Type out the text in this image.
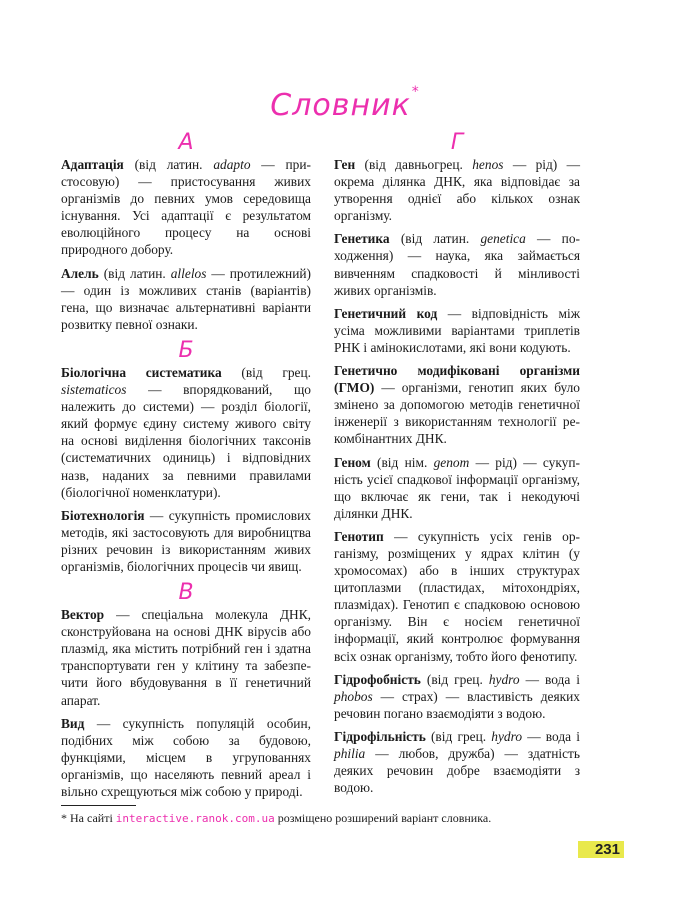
Словник*
А
Адаптація (від латин. adapto — пристосовую) — пристосування живих організмів до певних умов середовища існування. Усі адаптації є результатом еволюційного процесу на основі природного добору.
Алель (від латин. allelos — протилежний) — один із можливих станів (варіантів) гена, що визначає альтернативні варіанти розвитку певної ознаки.
Б
Біологічна систематика (від грец. sistematicos — впорядкований, що належить до системи) — розділ біології, який формує єдину систему живого світу на основі виділення біологічних таксонів (систематичних одиниць) і відповідних назв, наданих за певними правилами (біологічної номенклатури).
Біотехнологія — сукупність промислових методів, які застосовують для виробництва різних речовин із використанням живих організмів, біологічних процесів чи явищ.
В
Вектор — спеціальна молекула ДНК, сконструйована на основі ДНК вірусів або плазмід, яка містить потрібний ген і здатна транспортувати ген у клітину та забезпечити його вбудовування в її генетичний апарат.
Вид — сукупність популяцій особин, подібних між собою за будовою, функціями, місцем в угрупованнях організмів, що населяють певний ареал і вільно схрещуються між собою у природі.
Г
Ген (від давньогрец. henos — рід) — окрема ділянка ДНК, яка відповідає за утворення однієї або кількох ознак організму.
Генетика (від латин. genetica — походження) — наука, яка займається вивченням спадковості й мінливості живих організмів.
Генетичний код — відповідність між усіма можливими варіантами триплетів РНК і амінокислотами, які вони кодують.
Генетично модифіковані організми (ГМО) — організми, генотип яких було змінено за допомогою методів генетичної інженерії з використанням технології рекомбінантних ДНК.
Геном (від нім. genom — рід) — сукупність усієї спадкової інформації організму, що включає як гени, так і некодуючі ділянки ДНК.
Генотип — сукупність усіх генів організму, розміщених у ядрах клітин (у хромосомах) або в інших структурах цитоплазми (пластидах, мітохондріях, плазмідах). Генотип є спадковою основою організму. Він є носієм генетичної інформації, який контролює формування всіх ознак організму, тобто його фенотипу.
Гідрофобність (від грец. hydro — вода і phobos — страх) — властивість деяких речовин погано взаємодіяти з водою.
Гідрофільність (від грец. hydro — вода і philia — любов, дружба) — здатність деяких речовин добре взаємодіяти з водою.
* На сайті interactive.ranok.com.ua розміщено розширений варіант словника.
231
